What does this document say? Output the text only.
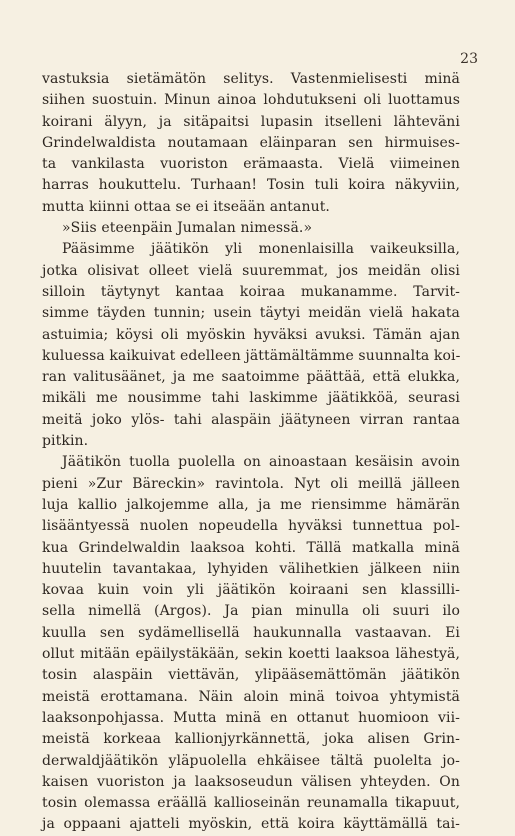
23
vastuksia sietämätön selitys. Vastenmielisesti minä
siihen suostuin. Minun ainoa lohdutukseni oli luottamus
koirani älyyn, ja sitäpaitsi lupasin itselleni lähteväni
Grindelwaldista noutamaan eläinparan sen hirmuises-
ta vankilasta vuoriston erämaasta. Vielä viimeinen
harras houkuttelu. Turhaan! Tosin tuli koira näkyviin,
mutta kiinni ottaa se ei itseään antanut.
»Siis eteenpäin Jumalan nimessä.»
Pääsimme jäätikön yli monenlaisilla vaikeuksilla,
jotka olisivat olleet vielä suuremmat, jos meidän olisi
silloin täytynyt kantaa koiraa mukanamme. Tarvit-
simme täyden tunnin; usein täytyi meidän vielä hakata
astuimia; köysi oli myöskin hyväksi avuksi. Tämän ajan
kuluessa kaikuivat edelleen jättämältämme suunnalta koi-
ran valitusäänet, ja me saatoimme päättää, että elukka,
mikäli me nousimme tahi laskimme jäätikköä, seurasi
meitä joko ylös- tahi alaspäin jäätyneen virran rantaa
pitkin.
Jäätikön tuolla puolella on ainoastaan kesäisin avoin
pieni »Zur Bäreckin» ravintola. Nyt oli meillä jälleen
luja kallio jalkojemme alla, ja me riensimme hämärän
lisääntyessä nuolen nopeudella hyväksi tunnettua pol-
kua Grindelwaldin laaksoa kohti. Tällä matkalla minä
huutelin tavantakaa, lyhyiden välihetkien jälkeen niin
kovaa kuin voin yli jäätikön koiraani sen klassilli-
sella nimellä (Argos). Ja pian minulla oli suuri ilo
kuulla sen sydämellisellä haukunnalla vastaavan. Ei
ollut mitään epäilystäkään, sekin koetti laaksoa lähestyä,
tosin alaspäin viettävän, ylipääsemättömän jäätikön
meistä erottamana. Näin aloin minä toivoa yhtymistä
laaksonpohjassa. Mutta minä en ottanut huomioon vii-
meistä korkeaa kallionjyrkännettä, joka alisen Grin-
derwaldjäätikön yläpuolella ehkäisee tältä puolelta jo-
kaisen vuoriston ja laaksoseudun välisen yhteyden. On
tosin olemassa eräällä kallioseinän reunamalla tikapuut,
ja oppaani ajatteli myöskin, että koira käyttämällä tai-
